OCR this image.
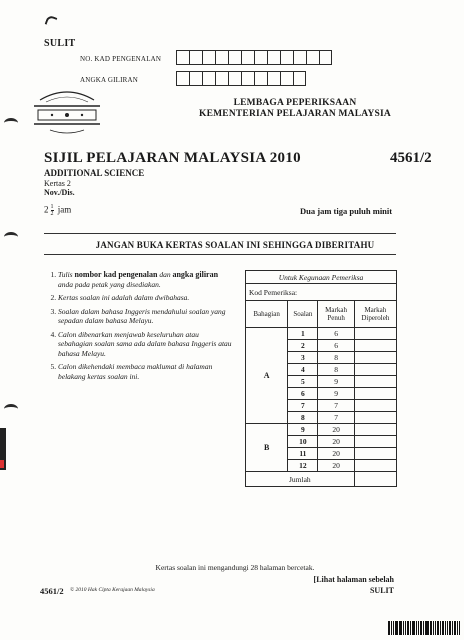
SULIT
NO. KAD PENGENALAN
ANGKA GILIRAN
LEMBAGA PEPERIKSAAN
KEMENTERIAN PELAJARAN MALAYSIA
SIJIL PELAJARAN MALAYSIA 2010	4561/2
ADDITIONAL SCIENCE
Kertas 2
Nov./Dis.
$2 \frac{1}{2}$ jam	Dua jam tiga puluh minit
JANGAN BUKA KERTAS SOALAN INI SEHINGGA DIBERITAHU
1. Tulis nombor kad pengenalan dan angka giliran anda pada petak yang disediakan.
2. Kertas soalan ini adalah dalam dwibahasa.
3. Soalan dalam bahasa Inggeris mendahului soalan yang sepadan dalam bahasa Melayu.
4. Calon dibenarkan menjawab keseluruhan atau sebahagian soalan sama ada dalam bahasa Inggeris atau bahasa Melayu.
5. Calon dikehendaki membaca maklumat di halaman belakang kertas soalan ini.
Untuk Kegunaan Pemeriksa			
Kod Pemeriksa:			
Bahagian	Soalan	Markah Penuh	Markah Diperoleh
A	1	6	
	2	6	
	3	8	
	4	8	
	5	9	
	6	9	
	7	7	
	8	7	
B	9	20	
	10	20	
	11	20	
	12	20	
Jumlah			
Kertas soalan ini mengandungi 28 halaman bercetak.
[Lihat halaman sebelah
SULIT
4561/2 © 2010 Hak Cipta Kerajaan Malaysia
